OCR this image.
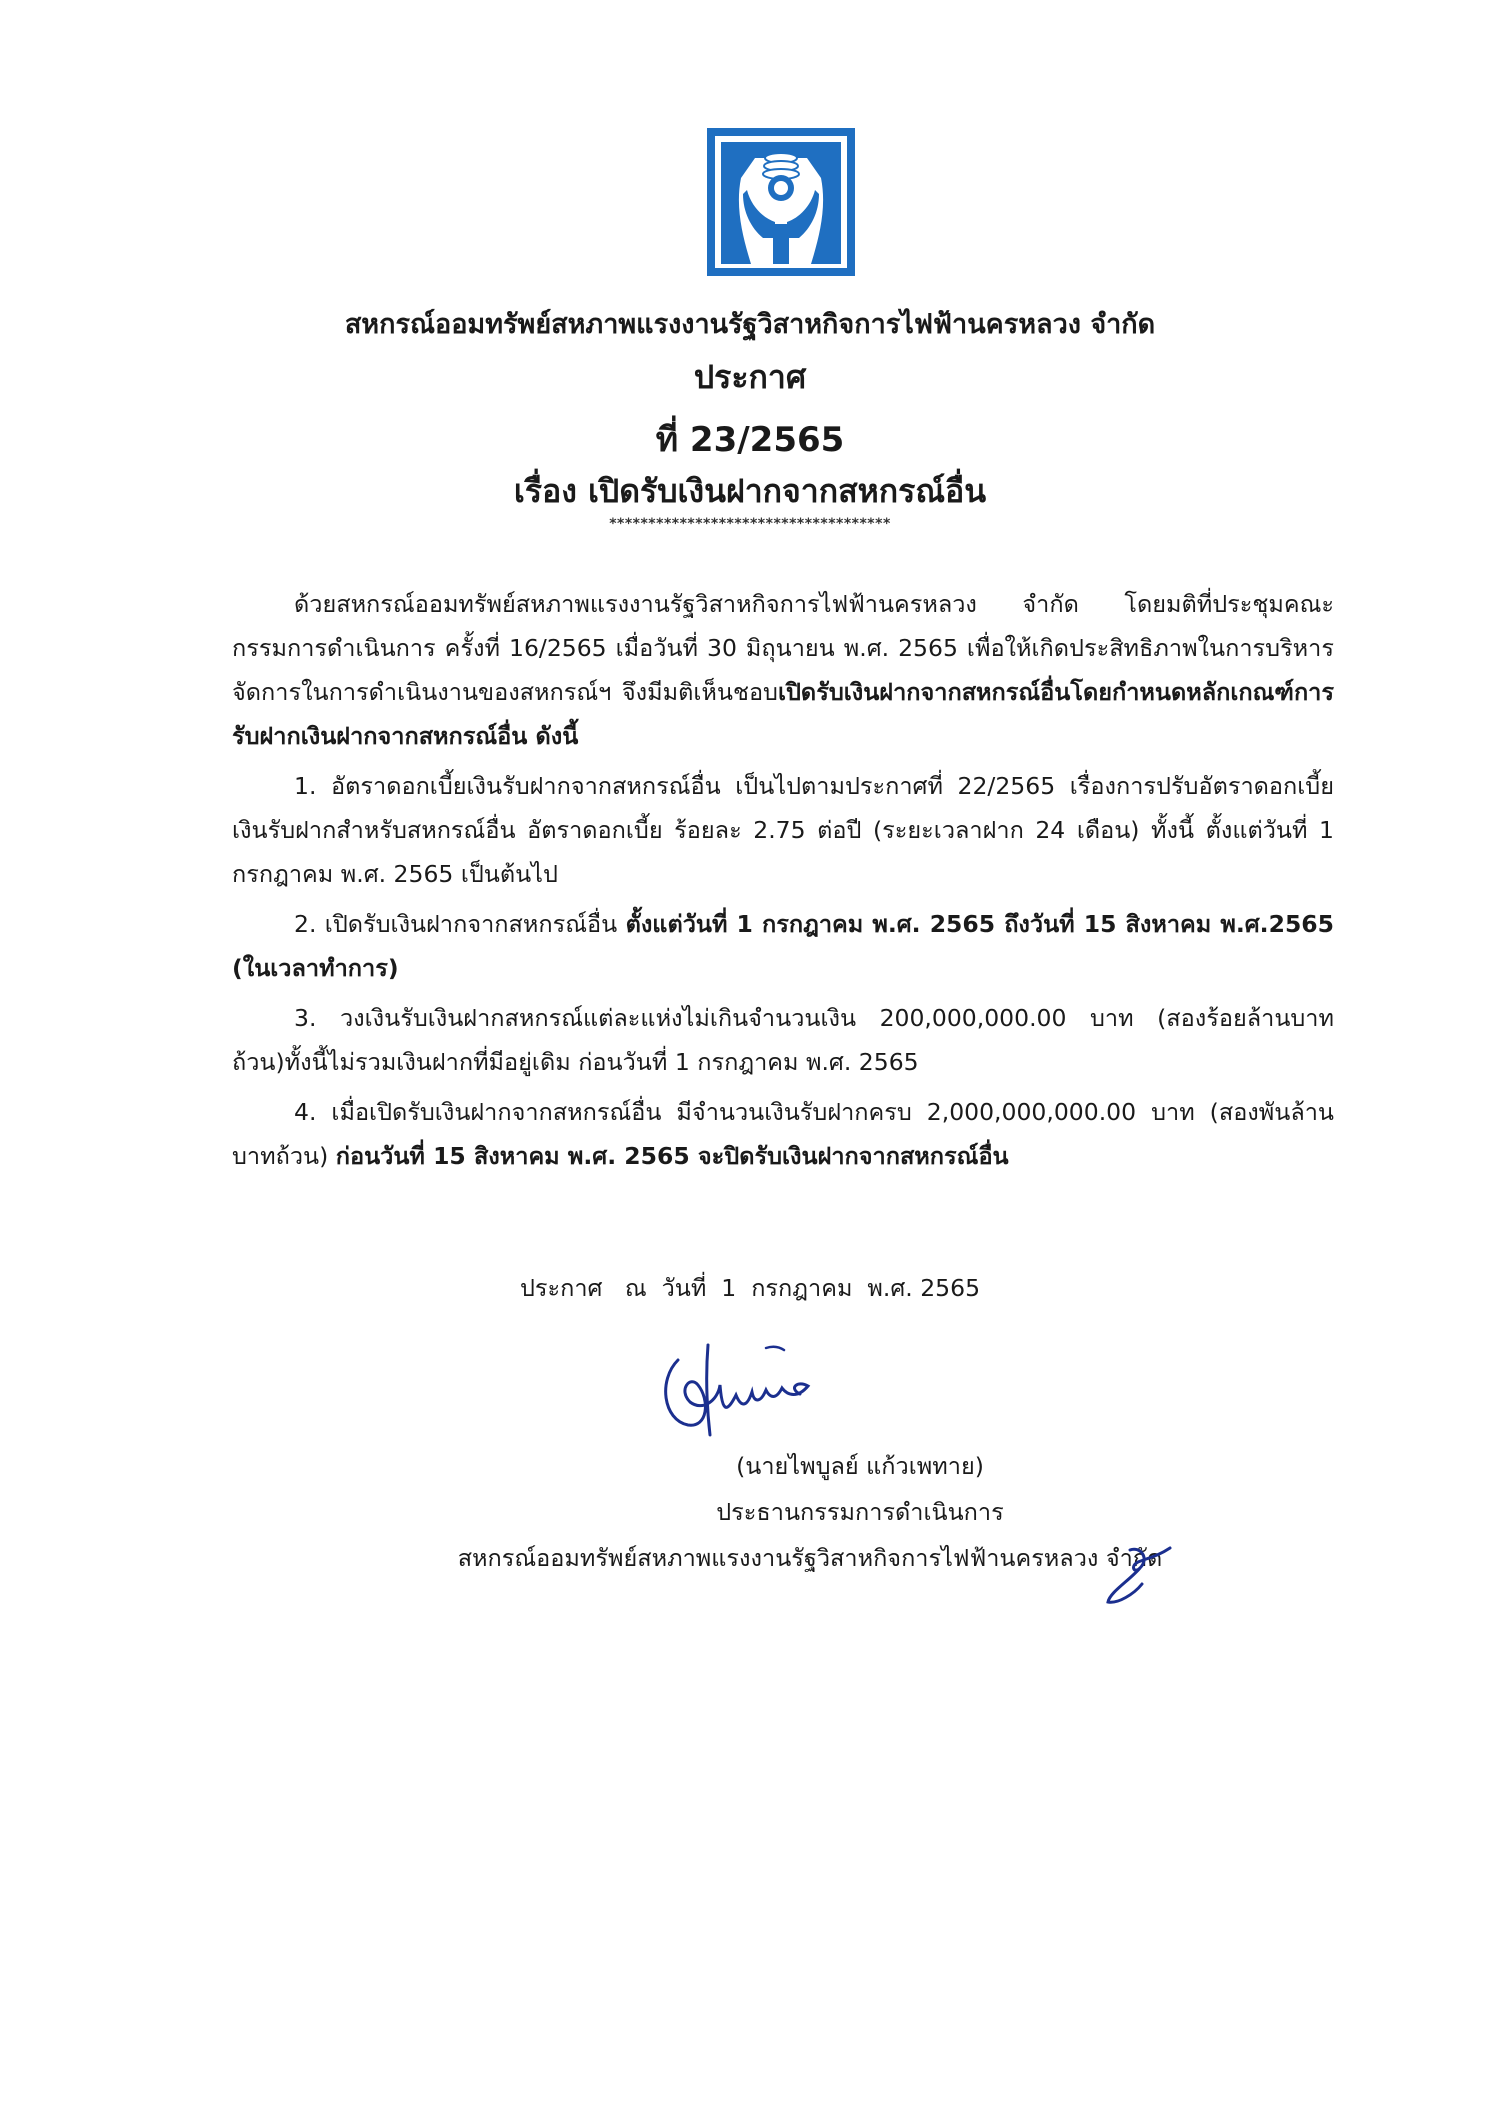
สหกรณ์ออมทรัพย์สหภาพแรงงานรัฐวิสาหกิจการไฟฟ้านครหลวง จำกัด
ประกาศ
ที่ 23/2565
เรื่อง เปิดรับเงินฝากจากสหกรณ์อื่น
************************************

ด้วยสหกรณ์ออมทรัพย์สหภาพแรงงานรัฐวิสาหกิจการไฟฟ้านครหลวง จำกัด โดยมติที่ประชุมคณะกรรมการดำเนินการ ครั้งที่ 16/2565 เมื่อวันที่ 30 มิถุนายน พ.ศ. 2565 เพื่อให้เกิดประสิทธิภาพในการบริหารจัดการในการดำเนินงานของสหกรณ์ฯ จึงมีมติเห็นชอบเปิดรับเงินฝากจากสหกรณ์อื่นโดยกำหนดหลักเกณฑ์การรับฝากเงินฝากจากสหกรณ์อื่น ดังนี้

1. อัตราดอกเบี้ยเงินรับฝากจากสหกรณ์อื่น เป็นไปตามประกาศที่ 22/2565 เรื่องการปรับอัตราดอกเบี้ยเงินรับฝากสำหรับสหกรณ์อื่น อัตราดอกเบี้ย ร้อยละ 2.75 ต่อปี (ระยะเวลาฝาก 24 เดือน) ทั้งนี้ ตั้งแต่วันที่ 1 กรกฎาคม พ.ศ. 2565 เป็นต้นไป

2. เปิดรับเงินฝากจากสหกรณ์อื่น ตั้งแต่วันที่ 1 กรกฎาคม พ.ศ. 2565 ถึงวันที่ 15 สิงหาคม พ.ศ.2565 (ในเวลาทำการ)

3. วงเงินรับเงินฝากสหกรณ์แต่ละแห่งไม่เกินจำนวนเงิน 200,000,000.00 บาท (สองร้อยล้านบาทถ้วน)ทั้งนี้ไม่รวมเงินฝากที่มีอยู่เดิม ก่อนวันที่ 1 กรกฎาคม พ.ศ. 2565

4. เมื่อเปิดรับเงินฝากจากสหกรณ์อื่น มีจำนวนเงินรับฝากครบ 2,000,000,000.00 บาท (สองพันล้านบาทถ้วน) ก่อนวันที่ 15 สิงหาคม พ.ศ. 2565 จะปิดรับเงินฝากจากสหกรณ์อื่น

ประกาศ   ณ  วันที่  1  กรกฎาคม  พ.ศ. 2565
(นายไพบูลย์ แก้วเพทาย)
ประธานกรรมการดำเนินการ
สหกรณ์ออมทรัพย์สหภาพแรงงานรัฐวิสาหกิจการไฟฟ้านครหลวง จำกัด
